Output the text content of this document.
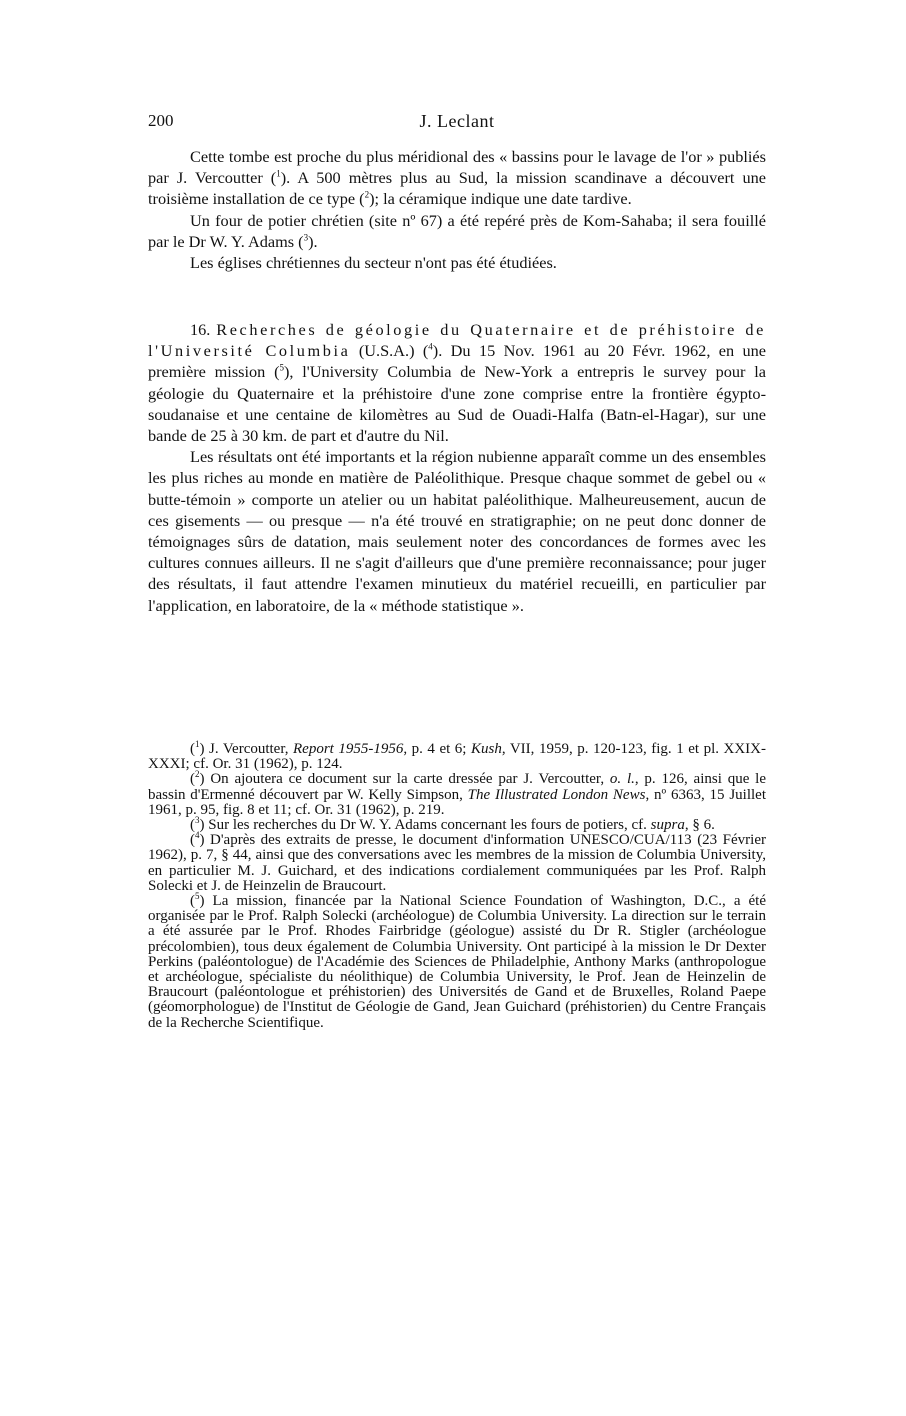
200	J. Leclant

Cette tombe est proche du plus méridional des « bassins pour le lavage de l'or » publiés par J. Vercoutter ($^1$). A 500 mètres plus au Sud, la mission scandinave a découvert une troisième installation de ce type ($^2$); la céramique indique une date tardive.

Un four de potier chrétien (site nº 67) a été repéré près de Kom-Sahaba; il sera fouillé par le Dr W. Y. Adams ($^3$).

Les églises chrétiennes du secteur n'ont pas été étudiées.

16. Recherches de géologie du Quaternaire et de préhistoire de l'Université Columbia (U.S.A.) ($^4$). Du 15 Nov. 1961 au 20 Févr. 1962, en une première mission ($^5$), l'University Columbia de New-York a entrepris le survey pour la géologie du Quaternaire et la préhistoire d'une zone comprise entre la frontière égypto-soudanaise et une centaine de kilomètres au Sud de Ouadi-Halfa (Batn-el-Hagar), sur une bande de 25 à 30 km. de part et d'autre du Nil.

Les résultats ont été importants et la région nubienne apparaît comme un des ensembles les plus riches au monde en matière de Paléolithique. Presque chaque sommet de gebel ou « butte-témoin » comporte un atelier ou un habitat paléolithique. Malheureusement, aucun de ces gisements — ou presque — n'a été trouvé en stratigraphie; on ne peut donc donner de témoignages sûrs de datation, mais seulement noter des concordances de formes avec les cultures connues ailleurs. Il ne s'agit d'ailleurs que d'une première reconnaissance; pour juger des résultats, il faut attendre l'examen minutieux du matériel recueilli, en particulier par l'application, en laboratoire, de la « méthode statistique ».

($^1$) J. Vercoutter, Report 1955-1956, p. 4 et 6; Kush, VII, 1959, p. 120-123, fig. 1 et pl. XXIX-XXXI; cf. Or. 31 (1962), p. 124.

($^2$) On ajoutera ce document sur la carte dressée par J. Vercoutter, o. l., p. 126, ainsi que le bassin d'Ermenné découvert par W. Kelly Simpson, The Illustrated London News, nº 6363, 15 Juillet 1961, p. 95, fig. 8 et 11; cf. Or. 31 (1962), p. 219.

($^3$) Sur les recherches du Dr W. Y. Adams concernant les fours de potiers, cf. supra, § 6.

($^4$) D'après des extraits de presse, le document d'information UNESCO/CUA/113 (23 Février 1962), p. 7, § 44, ainsi que des conversations avec les membres de la mission de Columbia University, en particulier M. J. Guichard, et des indications cordialement communiquées par les Prof. Ralph Solecki et J. de Heinzelin de Braucourt.

($^5$) La mission, financée par la National Science Foundation of Washington, D.C., a été organisée par le Prof. Ralph Solecki (archéologue) de Columbia University. La direction sur le terrain a été assurée par le Prof. Rhodes Fairbridge (géologue) assisté du Dr R. Stigler (archéologue précolombien), tous deux également de Columbia University. Ont participé à la mission le Dr Dexter Perkins (paléontologue) de l'Académie des Sciences de Philadelphie, Anthony Marks (anthropologue et archéologue, spécialiste du néolithique) de Columbia University, le Prof. Jean de Heinzelin de Braucourt (paléontologue et préhistorien) des Universités de Gand et de Bruxelles, Roland Paepe (géomorphologue) de l'Institut de Géologie de Gand, Jean Guichard (préhistorien) du Centre Français de la Recherche Scientifique.
